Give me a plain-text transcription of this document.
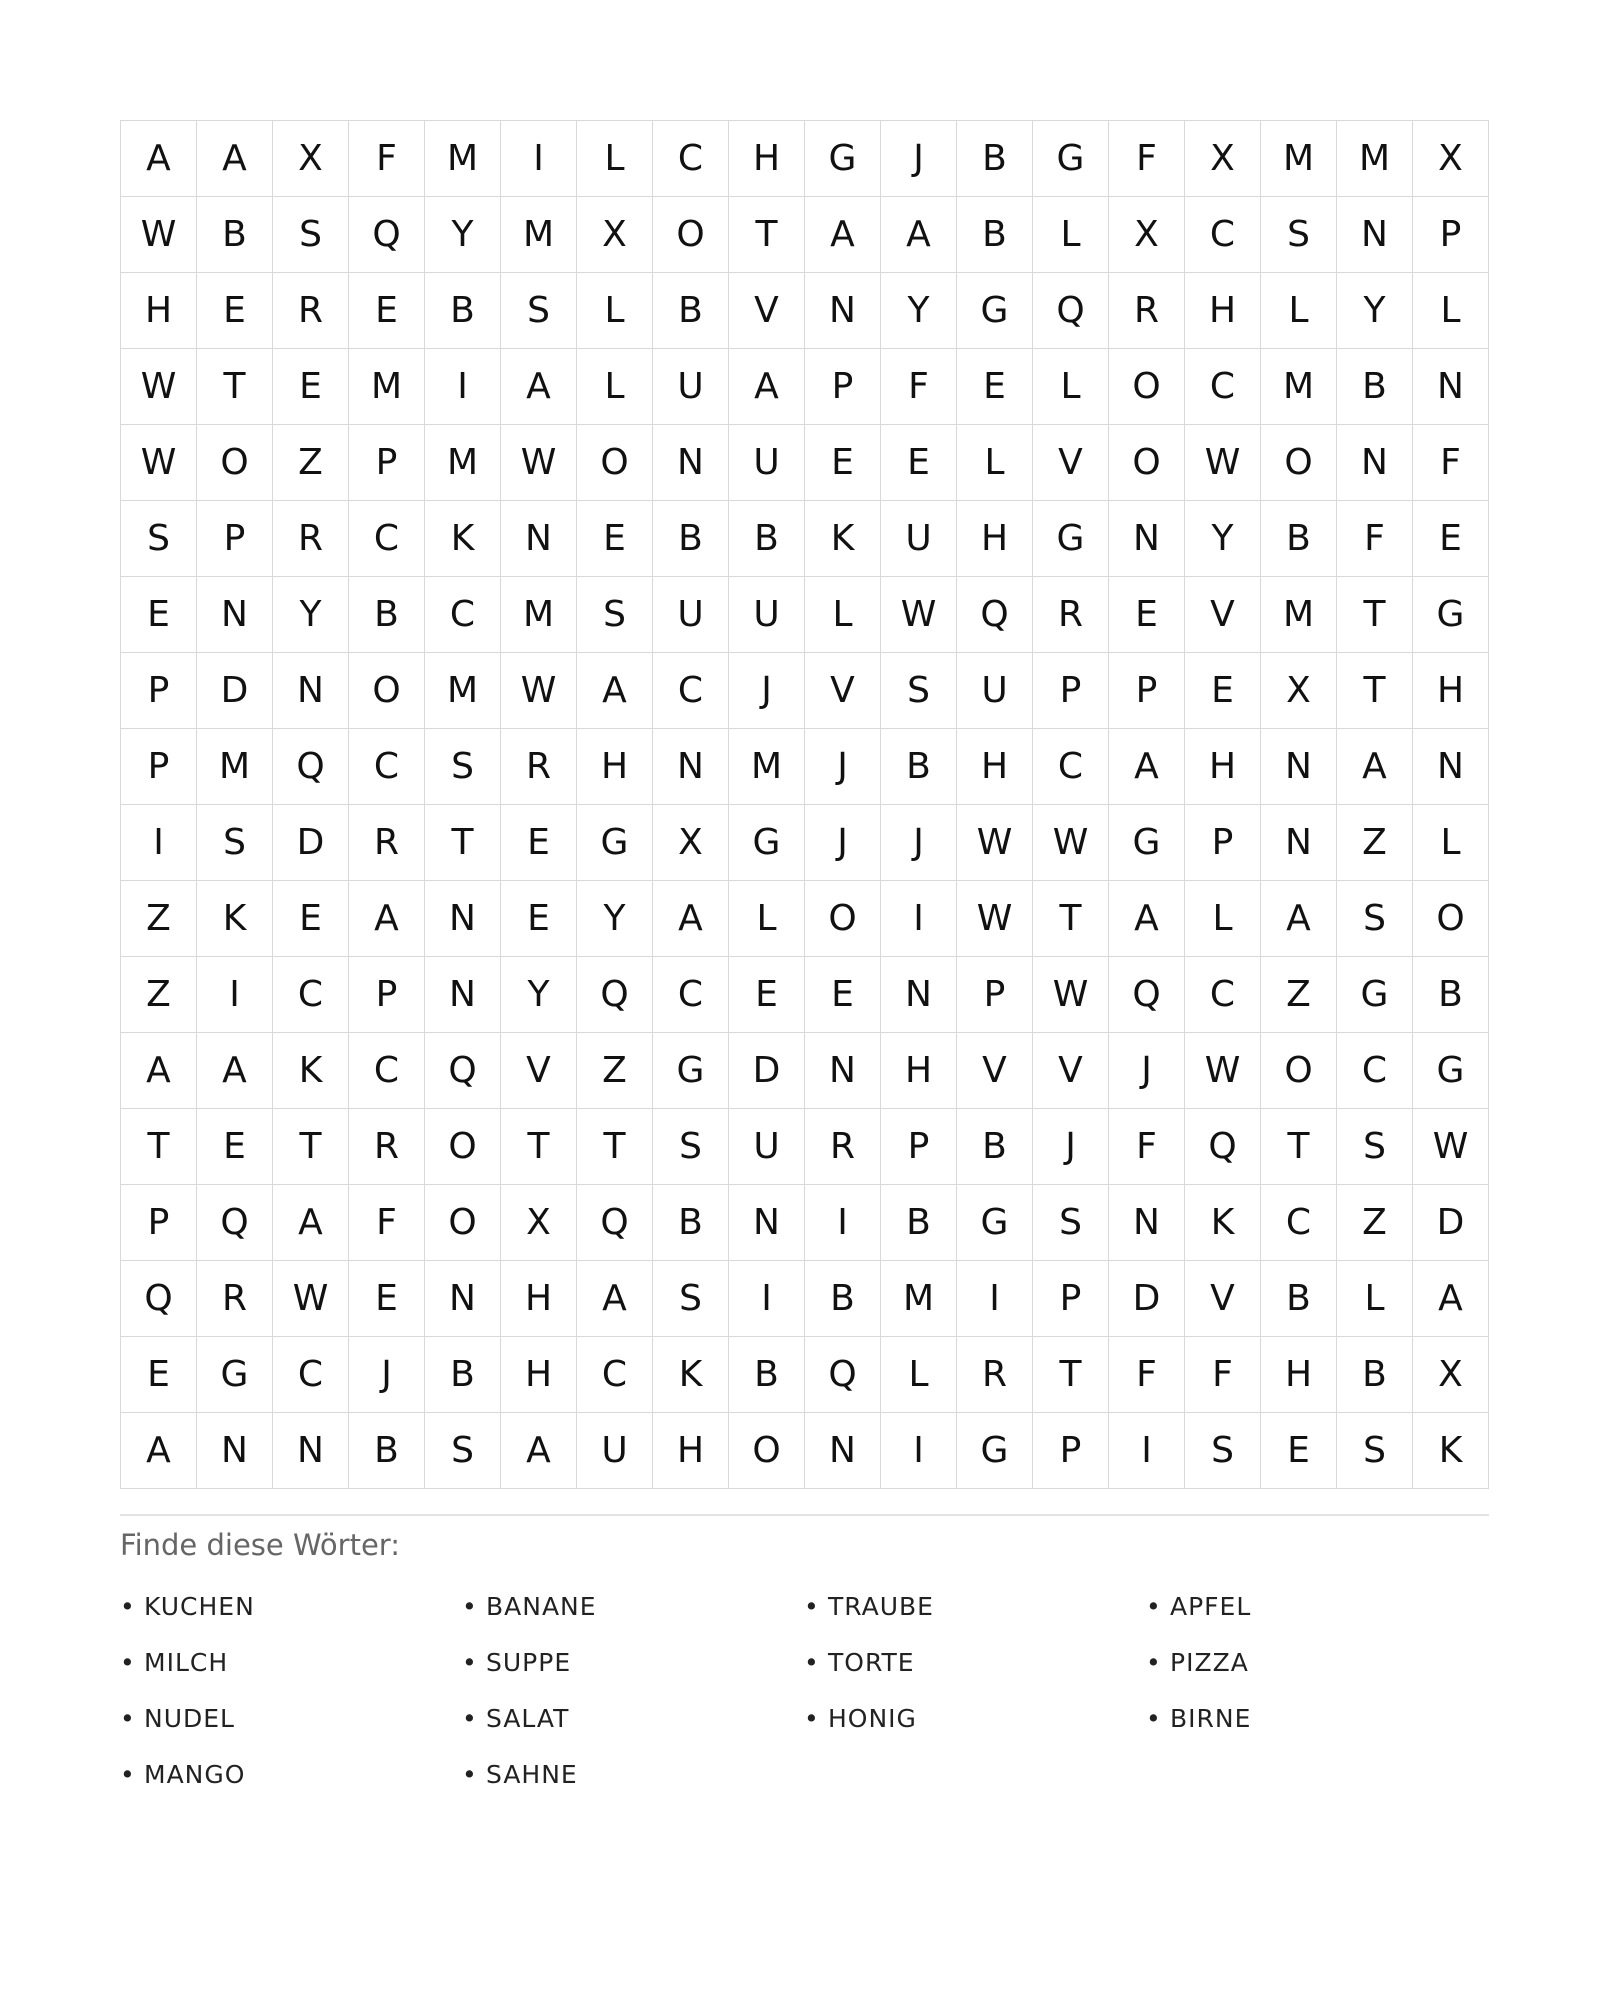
A	A	X	F	M	I	L	C	H	G	J	B	G	F	X	M	M	X
W	B	S	Q	Y	M	X	O	T	A	A	B	L	X	C	S	N	P
H	E	R	E	B	S	L	B	V	N	Y	G	Q	R	H	L	Y	L
W	T	E	M	I	A	L	U	A	P	F	E	L	O	C	M	B	N
W	O	Z	P	M	W	O	N	U	E	E	L	V	O	W	O	N	F
S	P	R	C	K	N	E	B	B	K	U	H	G	N	Y	B	F	E
E	N	Y	B	C	M	S	U	U	L	W	Q	R	E	V	M	T	G
P	D	N	O	M	W	A	C	J	V	S	U	P	P	E	X	T	H
P	M	Q	C	S	R	H	N	M	J	B	H	C	A	H	N	A	N
I	S	D	R	T	E	G	X	G	J	J	W	W	G	P	N	Z	L
Z	K	E	A	N	E	Y	A	L	O	I	W	T	A	L	A	S	O
Z	I	C	P	N	Y	Q	C	E	E	N	P	W	Q	C	Z	G	B
A	A	K	C	Q	V	Z	G	D	N	H	V	V	J	W	O	C	G
T	E	T	R	O	T	T	S	U	R	P	B	J	F	Q	T	S	W
P	Q	A	F	O	X	Q	B	N	I	B	G	S	N	K	C	Z	D
Q	R	W	E	N	H	A	S	I	B	M	I	P	D	V	B	L	A
E	G	C	J	B	H	C	K	B	Q	L	R	T	F	F	H	B	X
A	N	N	B	S	A	U	H	O	N	I	G	P	I	S	E	S	K
Finde diese Wörter:
• KUCHEN	• BANANE	• TRAUBE	• APFEL
• MILCH	• SUPPE	• TORTE	• PIZZA
• NUDEL	• SALAT	• HONIG	• BIRNE
• MANGO	• SAHNE
